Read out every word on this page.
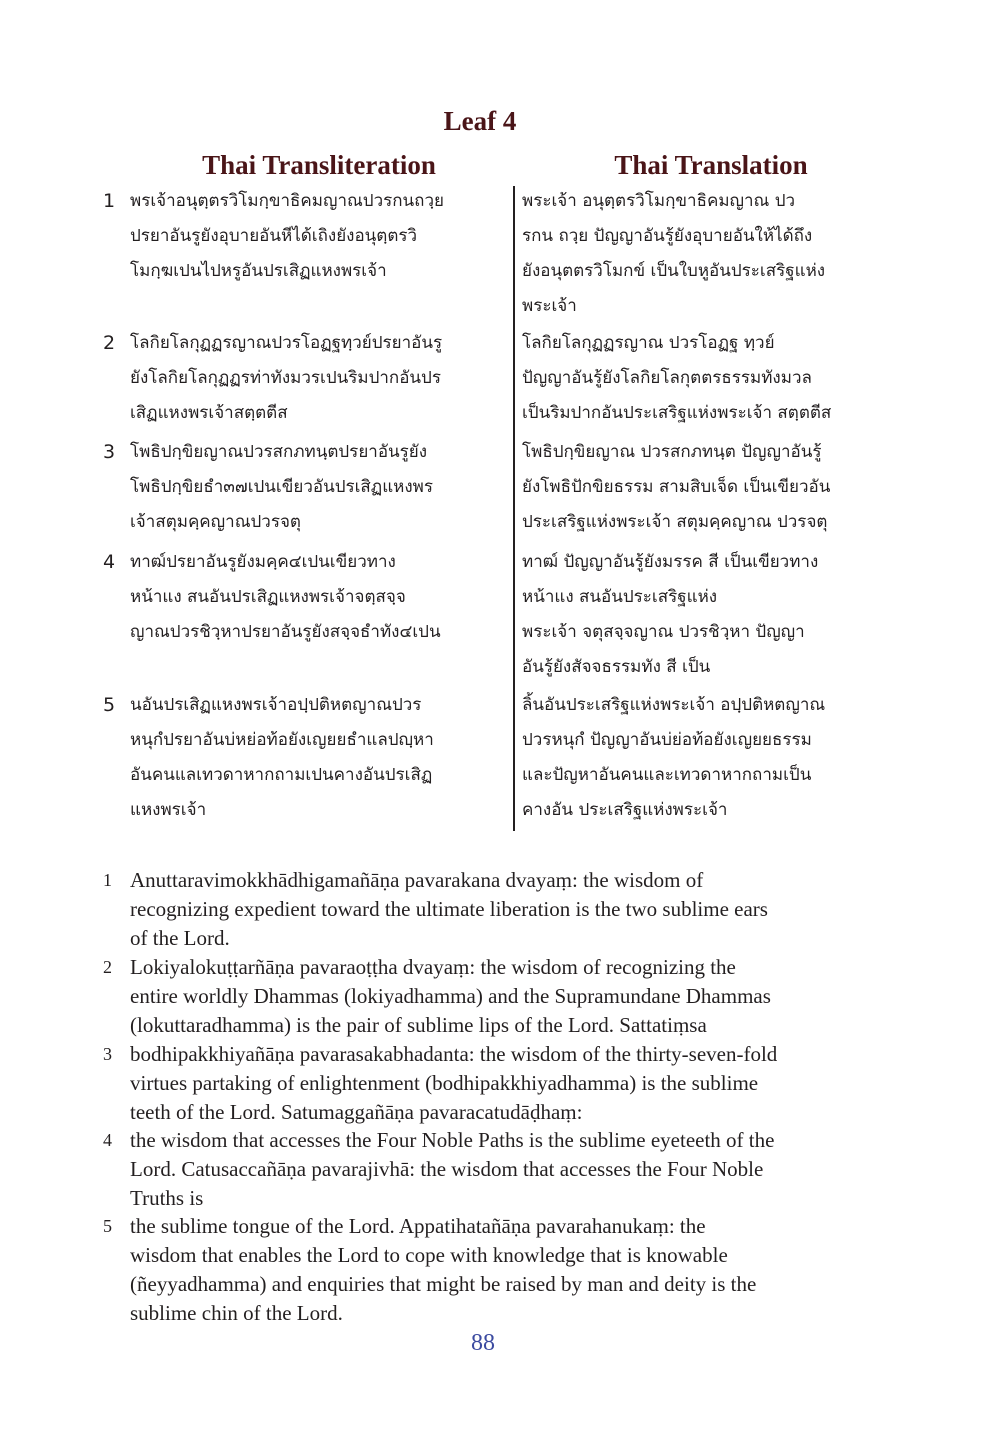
Leaf 4
Thai Transliteration	Thai Translation
1 พรเจ้าอนุตฺตรวิโมกฺขาธิคมญาณปวรกนถวฺย
ปรยาอันรูยังอุบายอันหีได้เถิงยังอนุตฺตรวิ
โมกฺฆเปนไปหรูอันปรเสิฏแหงพรเจ้า
พระเจ้า อนุตฺตรวิโมกฺขาธิคมญาณ ปว
รกน ถวฺย ปัญญาอันรู้ยังอุบายอันให้ได้ถึง
ยังอนุตตรวิโมกข์ เป็นใบหูอันประเสริฐแห่ง
พระเจ้า
2 โลกิยโลกุฏฏรญาณปวรโอฏฐทฺวย์ปรยาอันรู
ยังโลกิยโลกุฏฏรท่าทังมวรเปนริมปากอันปร
เสิฏแหงพรเจ้าสตฺตตีส
โลกิยโลกุฏฏรญาณ ปวรโอฏฐ ทฺวย์
ปัญญาอันรู้ยังโลกิยโลกุตตรธรรมทังมวล
เป็นริมปากอันประเสริฐแห่งพระเจ้า สตฺตตีส
3 โพธิปกฺขิยญาณปวรสกภทนฺตปรยาอันรูยัง
โพธิปกฺขิยธํา๓๗เปนเขียวอันปรเสิฏแหงพร
เจ้าสตุมคฺคญาณปวรจตุ
โพธิปกฺขิยญาณ ปวรสกภทนฺต ปัญญาอันรู้
ยังโพธิปักขิยธรรม สามสิบเจ็ด เป็นเขียวอัน
ประเสริฐแห่งพระเจ้า สตุมคฺคญาณ ปวรจตุ
4 ทาฒ์ปรยาอันรูยังมคฺค๔เปนเขียวทาง
หน้าแง สนอันปรเสิฏแหงพรเจ้าจตฺสจฺจ
ญาณปวรชิวฺหาปรยาอันรูยังสจฺจธําทัง๔เปน
ทาฒ์ ปัญญาอันรู้ยังมรรค สี เป็นเขียวทาง
หน้าแง สนอันประเสริฐแห่ง
พระเจ้า จตุสจฺจญาณ ปวรชิวฺหา ปัญญา
อันรู้ยังสัจจธรรมทัง สี เป็น
5 นอันปรเสิฏแหงพรเจ้าอปฺปติหตญาณปวร
หนุกํปรยาอันบ่หย่อท้อยังเญยยธําแลปญฺหา
อันคนแลเทวดาหากถามเปนคางอันปรเสิฏ
แหงพรเจ้า
ลิ้นอันประเสริฐแห่งพระเจ้า อปฺปติหตญาณ
ปวรหนุกํ ปัญญาอันบ่ย่อท้อยังเญยยธรรม
และปัญหาอันคนและเทวดาหากถามเป็น
คางอัน ประเสริฐแห่งพระเจ้า
1 Anuttaravimokkhādhigamañāṇa pavarakana dvayaṃ: the wisdom of
recognizing expedient toward the ultimate liberation is the two sublime ears
of the Lord.
2 Lokiyalokuṭṭarñāṇa pavaraoṭṭha dvayaṃ: the wisdom of recognizing the
entire worldly Dhammas (lokiyadhamma) and the Supramundane Dhammas
(lokuttaradhamma) is the pair of sublime lips of the Lord. Sattatiṃsa
3 bodhipakkhiyañāṇa pavarasakabhadanta: the wisdom of the thirty-seven-fold
virtues partaking of enlightenment (bodhipakkhiyadhamma) is the sublime
teeth of the Lord. Satumaggañāṇa pavaracatudāḍhaṃ:
4 the wisdom that accesses the Four Noble Paths is the sublime eyeteeth of the
Lord. Catusaccañāṇa pavarajivhā: the wisdom that accesses the Four Noble
Truths is
5 the sublime tongue of the Lord. Appatihatañāṇa pavarahanukaṃ: the
wisdom that enables the Lord to cope with knowledge that is knowable
(ñeyyadhamma) and enquiries that might be raised by man and deity is the
sublime chin of the Lord.
88
